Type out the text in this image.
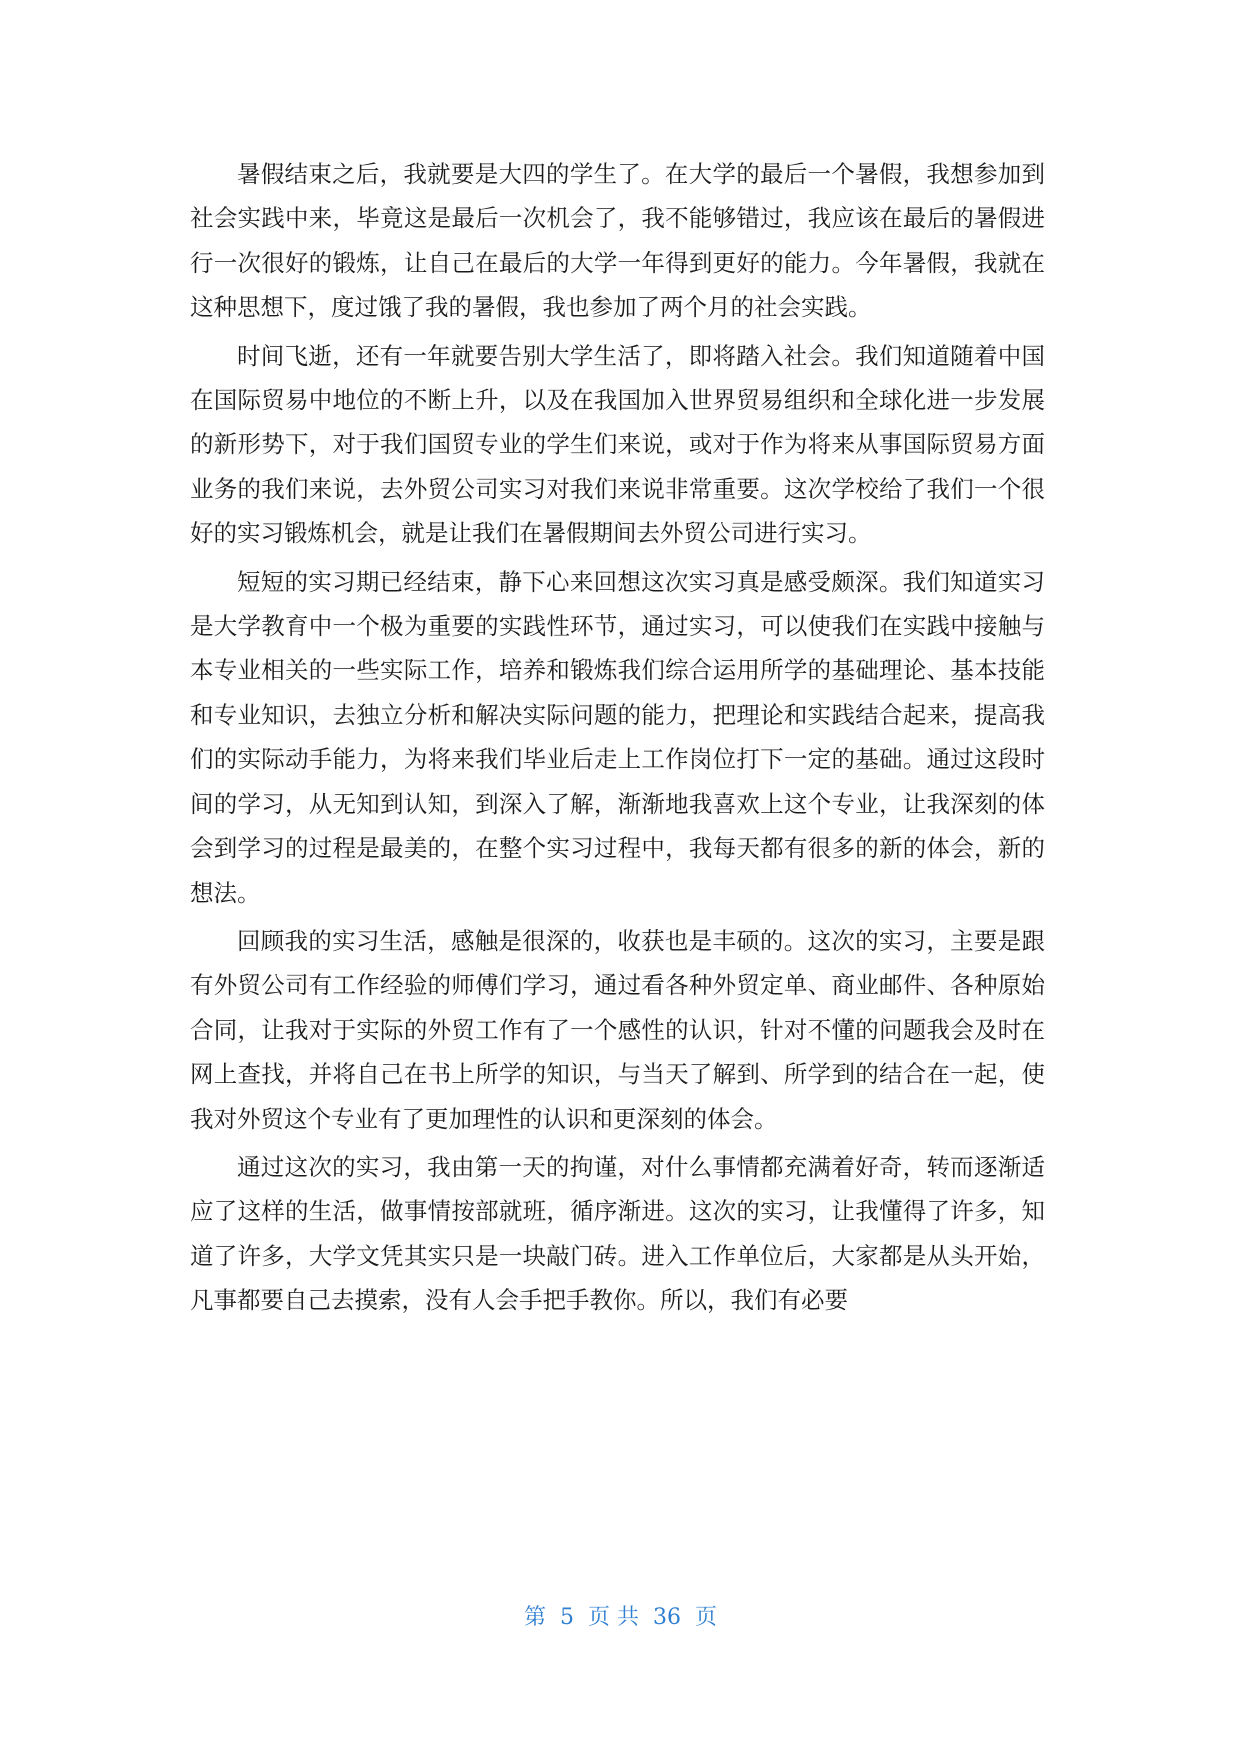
暑假结束之后，我就要是大四的学生了。在大学的最后一个暑假，我想参加到社会实践中来，毕竟这是最后一次机会了，我不能够错过，我应该在最后的暑假进行一次很好的锻炼，让自己在最后的大学一年得到更好的能力。今年暑假，我就在这种思想下，度过饿了我的暑假，我也参加了两个月的社会实践。

时间飞逝，还有一年就要告别大学生活了，即将踏入社会。我们知道随着中国在国际贸易中地位的不断上升，以及在我国加入世界贸易组织和全球化进一步发展的新形势下，对于我们国贸专业的学生们来说，或对于作为将来从事国际贸易方面业务的我们来说，去外贸公司实习对我们来说非常重要。这次学校给了我们一个很好的实习锻炼机会，就是让我们在暑假期间去外贸公司进行实习。

短短的实习期已经结束，静下心来回想这次实习真是感受颇深。我们知道实习是大学教育中一个极为重要的实践性环节，通过实习，可以使我们在实践中接触与本专业相关的一些实际工作，培养和锻炼我们综合运用所学的基础理论、基本技能和专业知识，去独立分析和解决实际问题的能力，把理论和实践结合起来，提高我们的实际动手能力，为将来我们毕业后走上工作岗位打下一定的基础。通过这段时间的学习，从无知到认知，到深入了解，渐渐地我喜欢上这个专业，让我深刻的体会到学习的过程是最美的，在整个实习过程中，我每天都有很多的新的体会，新的想法。

回顾我的实习生活，感触是很深的，收获也是丰硕的。这次的实习，主要是跟有外贸公司有工作经验的师傅们学习，通过看各种外贸定单、商业邮件、各种原始合同，让我对于实际的外贸工作有了一个感性的认识，针对不懂的问题我会及时在网上查找，并将自己在书上所学的知识，与当天了解到、所学到的结合在一起，使我对外贸这个专业有了更加理性的认识和更深刻的体会。

通过这次的实习，我由第一天的拘谨，对什么事情都充满着好奇，转而逐渐适应了这样的生活，做事情按部就班，循序渐进。这次的实习，让我懂得了许多，知道了许多，大学文凭其实只是一块敲门砖。进入工作单位后，大家都是从头开始，凡事都要自己去摸索，没有人会手把手教你。所以，我们有必要

第  5  页 共  36  页
